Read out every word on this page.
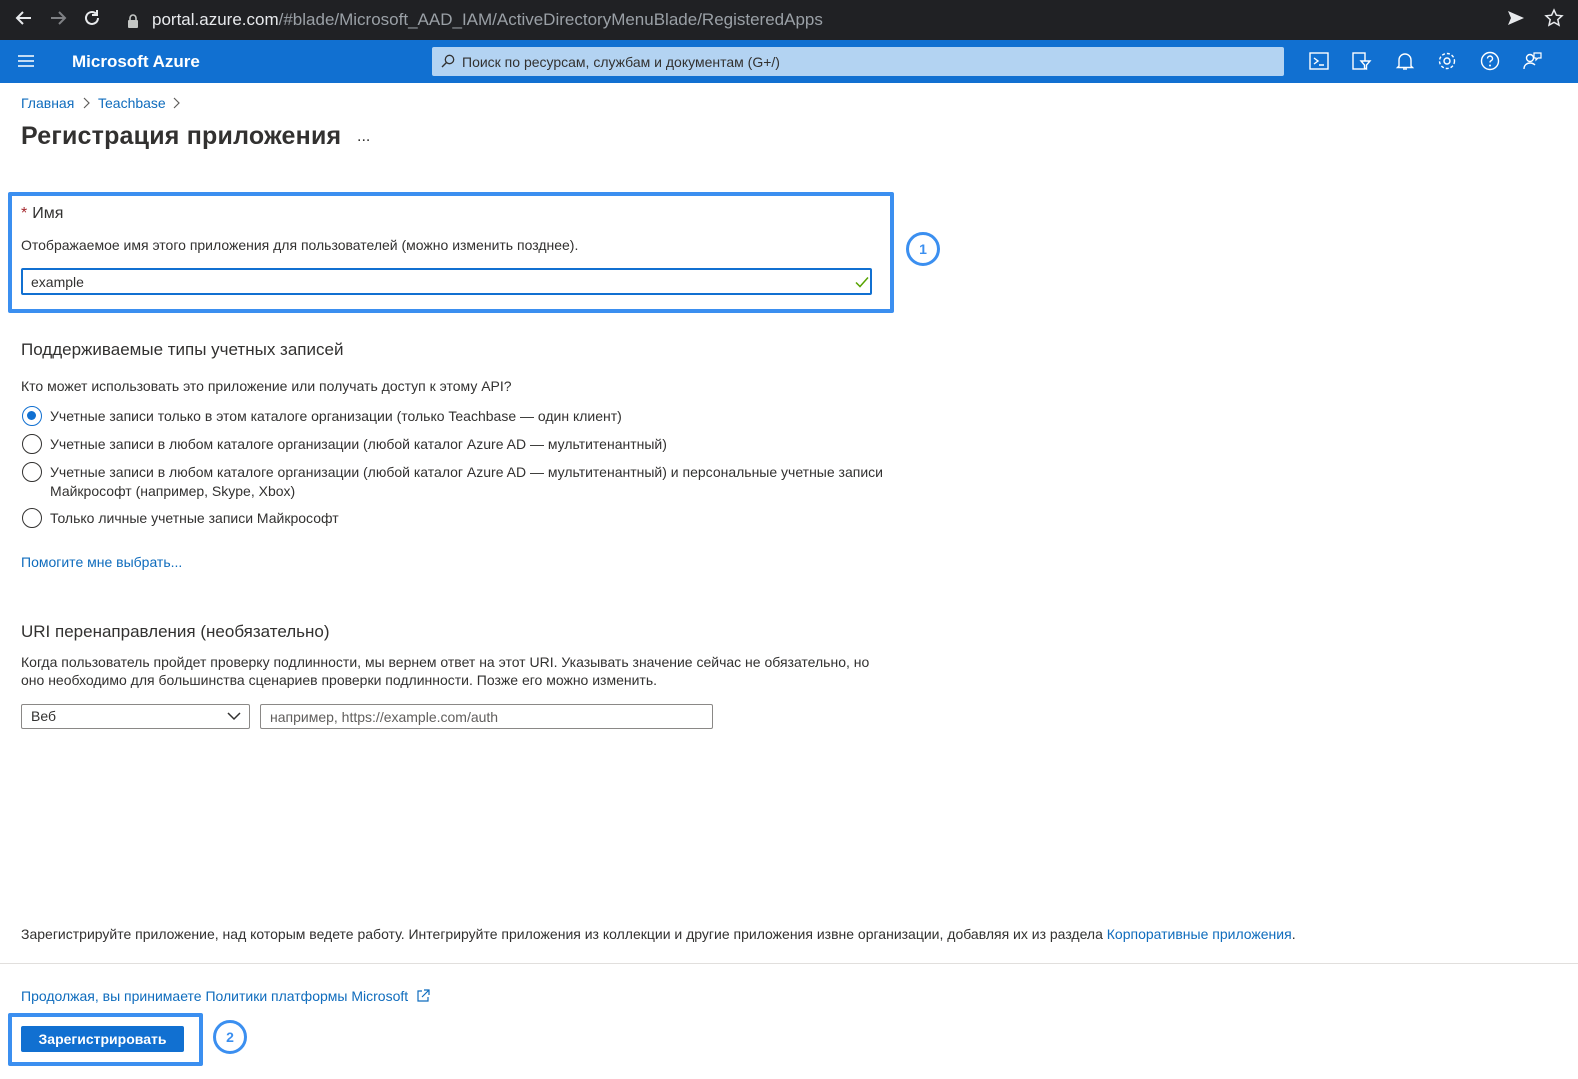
portal.azure.com/#blade/Microsoft_AAD_IAM/ActiveDirectoryMenuBlade/RegisteredApps
Microsoft Azure
Поиск по ресурсам, службам и документам (G+/)
Главная Teachbase
Регистрация приложения ...
1
* Имя
Отображаемое имя этого приложения для пользователей (можно изменить позднее).
example
Поддерживаемые типы учетных записей
Кто может использовать это приложение или получать доступ к этому API?
Учетные записи только в этом каталоге организации (только Teachbase — один клиент)
Учетные записи в любом каталоге организации (любой каталог Azure AD — мультитенантный)
Учетные записи в любом каталоге организации (любой каталог Azure AD — мультитенантный) и персональные учетные записи
Майкрософт (например, Skype, Xbox)
Только личные учетные записи Майкрософт
Помогите мне выбрать...
URI перенаправления (необязательно)
Когда пользователь пройдет проверку подлинности, мы вернем ответ на этот URI. Указывать значение сейчас не обязательно, но
оно необходимо для большинства сценариев проверки подлинности. Позже его можно изменить.
Веб
например, https://example.com/auth
Зарегистрируйте приложение, над которым ведете работу. Интегрируйте приложения из коллекции и другие приложения извне организации, добавляя их из раздела Корпоративные приложения.
Продолжая, вы принимаете Политики платформы Microsoft
Зарегистрировать	2
